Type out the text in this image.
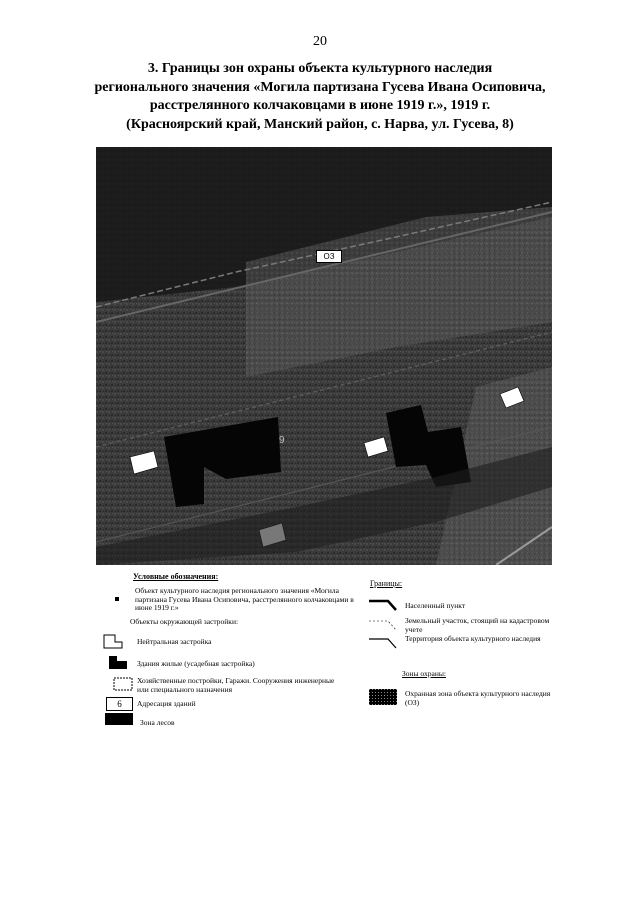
20
3. Границы зон охраны объекта культурного наследия
регионального значения «Могила партизана Гусева Ивана Осиповича,
расстрелянного колчаковцами в июне 1919 г.», 1919 г.
(Красноярский край, Манский район, с. Нарва, ул. Гусева, 8)
ОЗ
9
Условные обозначения:
Объект культурного наследия регионального значения «Могила партизана Гусева Ивана Осиповича, расстрелянного колчаковцами в июне 1919 г.»
Объекты окружающей застройки:
Нейтральная застройка
Здания жилые (усадебная застройка)
Хозяйственные постройки, Гаражи. Сооружения инженерные или специального назначения
6	Адресация зданий
Зона лесов
Границы:
Населенный пункт
Земельный участок, стоящий на кадастровом учете
Территория объекта культурного наследия
Зоны охраны:
Охранная зона объекта культурного наследия (ОЗ)
